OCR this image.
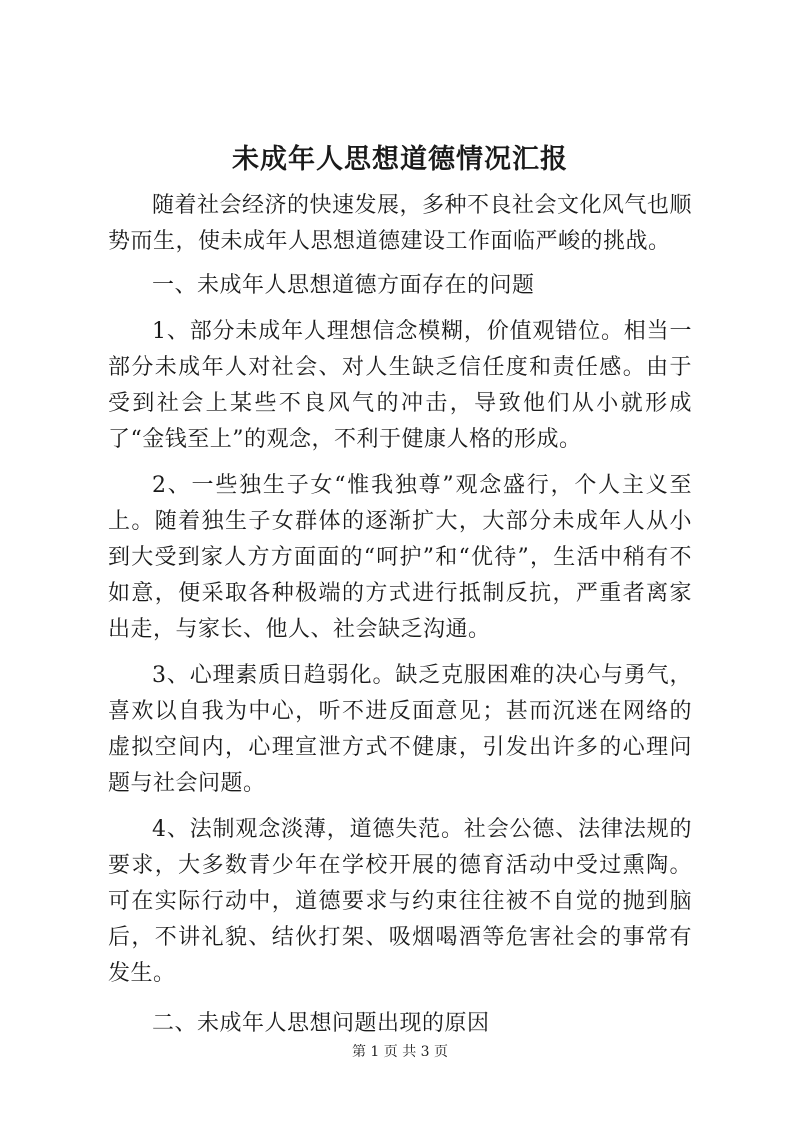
未成年人思想道德情况汇报

随着社会经济的快速发展，多种不良社会文化风气也顺势而生，使未成年人思想道德建设工作面临严峻的挑战。

一、未成年人思想道德方面存在的问题

1、部分未成年人理想信念模糊，价值观错位。相当一部分未成年人对社会、对人生缺乏信任度和责任感。由于受到社会上某些不良风气的冲击，导致他们从小就形成了“金钱至上”的观念，不利于健康人格的形成。

2、一些独生子女“惟我独尊”观念盛行，个人主义至上。随着独生子女群体的逐渐扩大，大部分未成年人从小到大受到家人方方面面的“呵护”和“优待”，生活中稍有不如意，便采取各种极端的方式进行抵制反抗，严重者离家出走，与家长、他人、社会缺乏沟通。

3、心理素质日趋弱化。缺乏克服困难的决心与勇气，喜欢以自我为中心，听不进反面意见；甚而沉迷在网络的虚拟空间内，心理宣泄方式不健康，引发出许多的心理问题与社会问题。

4、法制观念淡薄，道德失范。社会公德、法律法规的要求，大多数青少年在学校开展的德育活动中受过熏陶。可在实际行动中，道德要求与约束往往被不自觉的抛到脑后，不讲礼貌、结伙打架、吸烟喝酒等危害社会的事常有发生。

二、未成年人思想问题出现的原因

第 1 页 共 3 页
